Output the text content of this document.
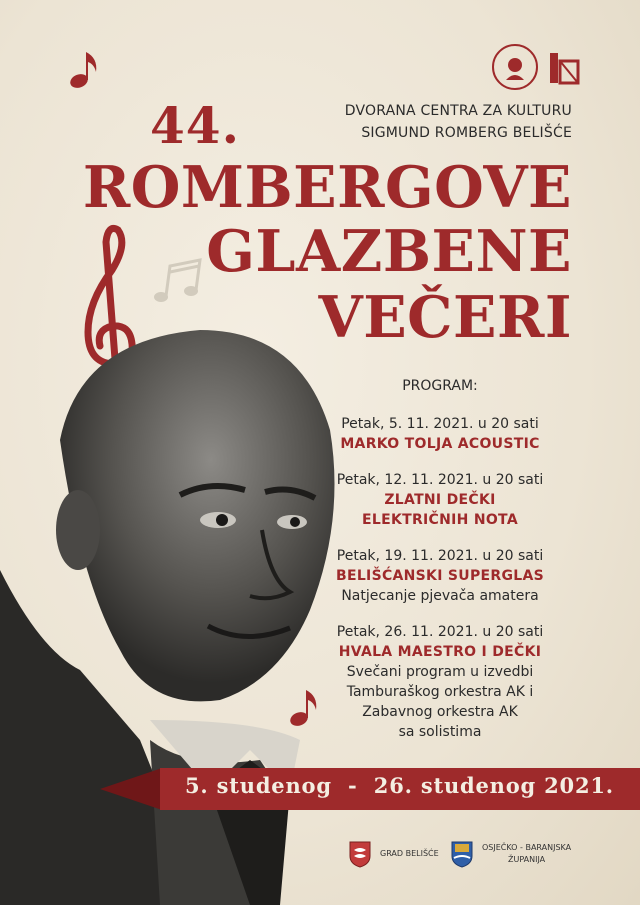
DVORANA CENTRA ZA KULTURU
SIGMUND ROMBERG BELIŠĆE
44.
ROMBERGOVE
GLAZBENE
VEČERI
PROGRAM:
Petak, 5. 11. 2021. u 20 sati
MARKO TOLJA ACOUSTIC
Petak, 12. 11. 2021. u 20 sati
ZLATNI DEČKI
ELEKTRIČNIH NOTA
Petak, 19. 11. 2021. u 20 sati
BELIŠĆANSKI SUPERGLAS
Natjecanje pjevača amatera
Petak, 26. 11. 2021. u 20 sati
HVALA MAESTRO I DEČKI
Svečani program u izvedbi
Tamburaškog orkestra AK i
Zabavnog orkestra AK
sa solistima
5. studenog  -  26. studenog 2021.
GRAD BELIŠĆE
OSJEČKO - BARANJSKA
ŽUPANIJA
